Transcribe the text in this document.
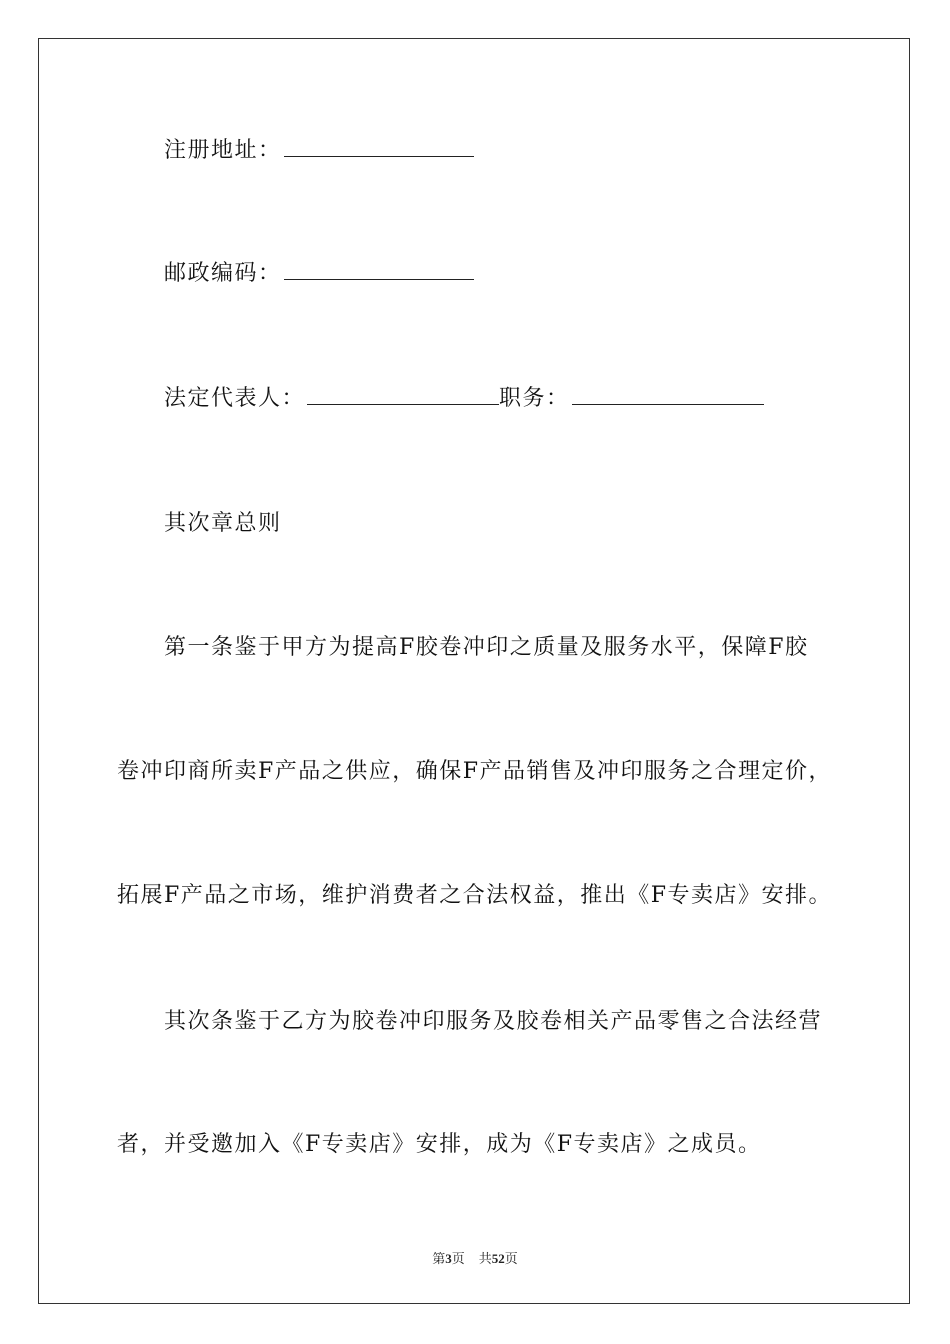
注册地址：
邮政编码：
法定代表人：	职务：
其次章总则
第一条鉴于甲方为提高F胶卷冲印之质量及服务水平，保障F胶
卷冲印商所卖F产品之供应，确保F产品销售及冲印服务之合理定价，
拓展F产品之市场，维护消费者之合法权益，推出《F专卖店》安排。
其次条鉴于乙方为胶卷冲印服务及胶卷相关产品零售之合法经营
者，并受邀加入《F专卖店》安排，成为《F专卖店》之成员。
第3页 共52页
